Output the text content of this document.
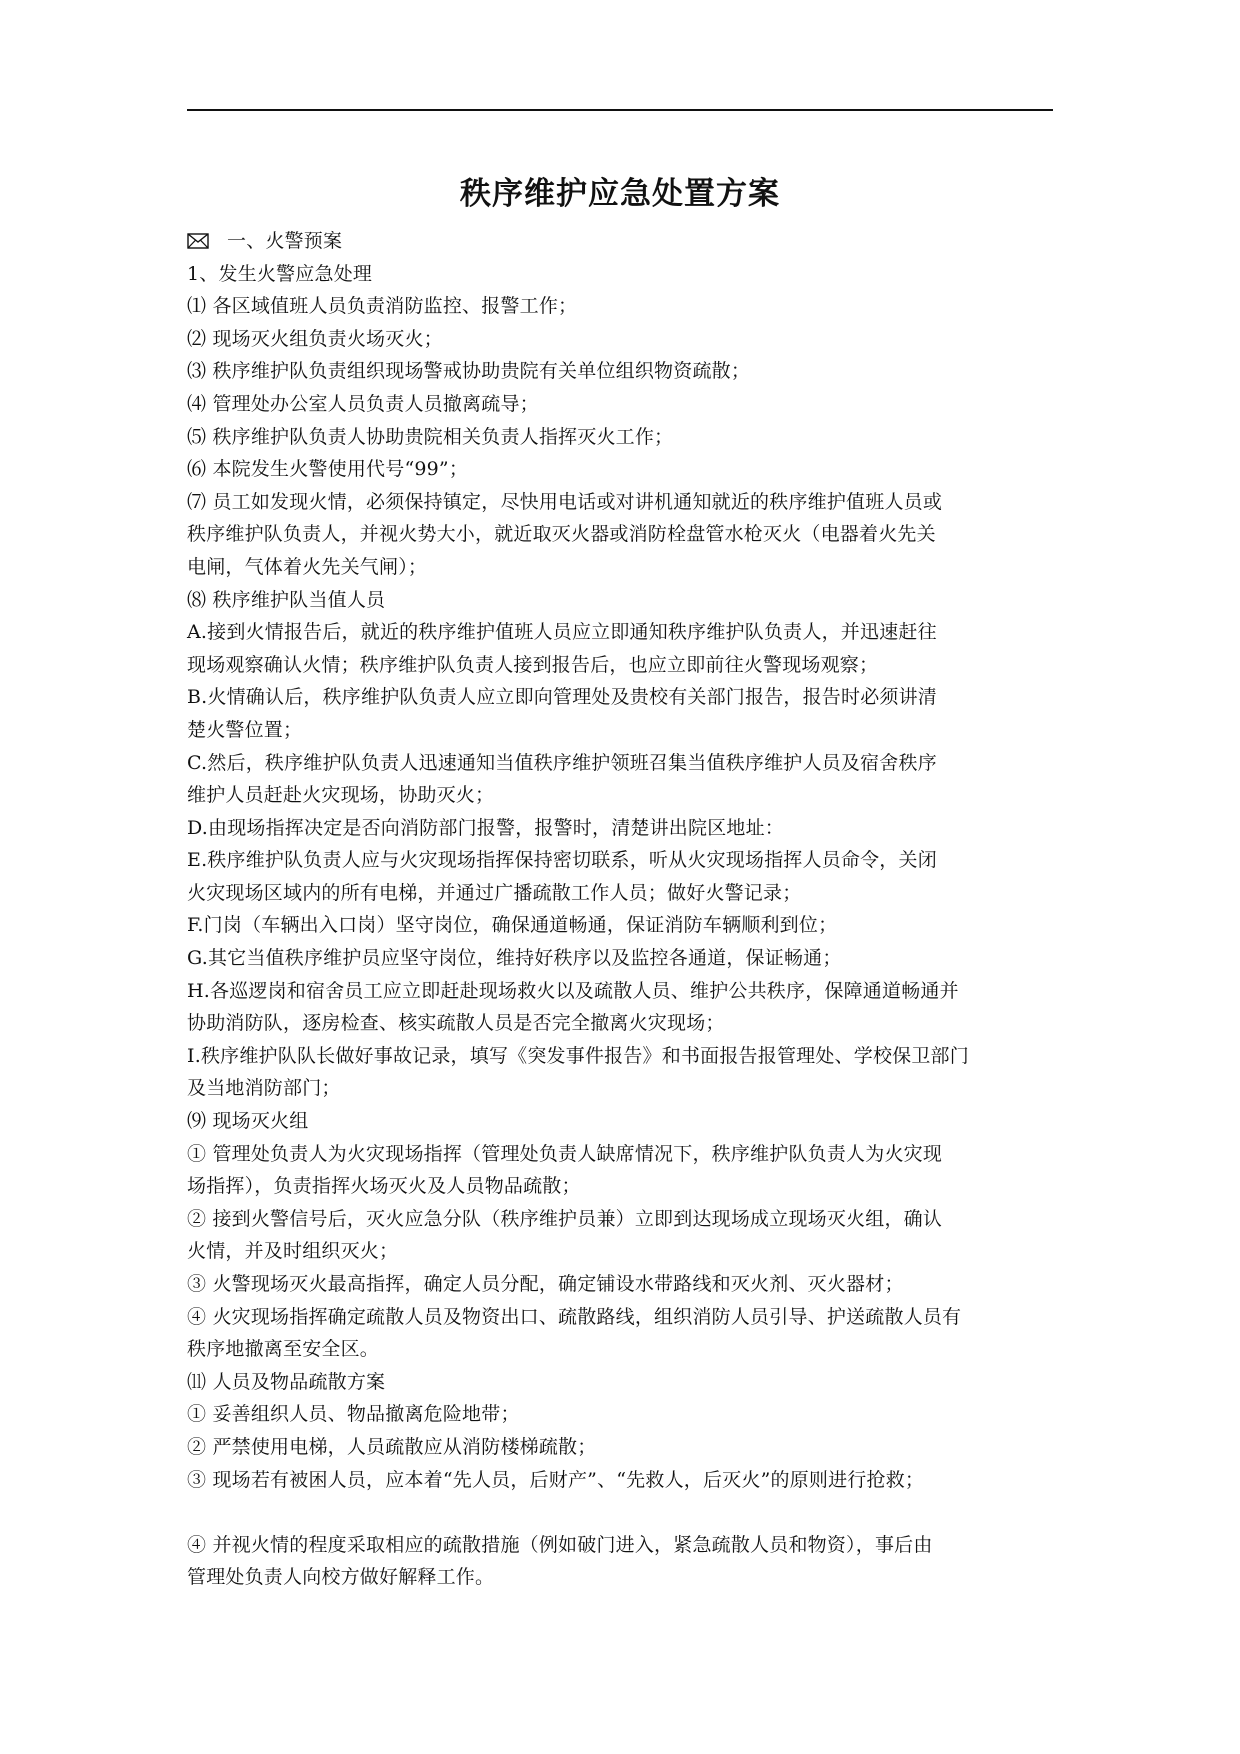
秩序维护应急处置方案
一、火警预案
1、发生火警应急处理
⑴ 各区域值班人员负责消防监控、报警工作；
⑵ 现场灭火组负责火场灭火；
⑶ 秩序维护队负责组织现场警戒协助贵院有关单位组织物资疏散；
⑷ 管理处办公室人员负责人员撤离疏导；
⑸ 秩序维护队负责人协助贵院相关负责人指挥灭火工作；
⑹ 本院发生火警使用代号“99”；
⑺ 员工如发现火情，必须保持镇定，尽快用电话或对讲机通知就近的秩序维护值班人员或
秩序维护队负责人，并视火势大小，就近取灭火器或消防栓盘管水枪灭火（电器着火先关
电闸，气体着火先关气闸）；
⑻ 秩序维护队当值人员
A.接到火情报告后，就近的秩序维护值班人员应立即通知秩序维护队负责人，并迅速赶往
现场观察确认火情；秩序维护队负责人接到报告后，也应立即前往火警现场观察；
B.火情确认后，秩序维护队负责人应立即向管理处及贵校有关部门报告，报告时必须讲清
楚火警位置；
C.然后，秩序维护队负责人迅速通知当值秩序维护领班召集当值秩序维护人员及宿舍秩序
维护人员赶赴火灾现场，协助灭火；
D.由现场指挥决定是否向消防部门报警，报警时，清楚讲出院区地址：
E.秩序维护队负责人应与火灾现场指挥保持密切联系，听从火灾现场指挥人员命令，关闭
火灾现场区域内的所有电梯，并通过广播疏散工作人员；做好火警记录；
F.门岗（车辆出入口岗）坚守岗位，确保通道畅通，保证消防车辆顺利到位；
G.其它当值秩序维护员应坚守岗位，维持好秩序以及监控各通道，保证畅通；
H.各巡逻岗和宿舍员工应立即赶赴现场救火以及疏散人员、维护公共秩序，保障通道畅通并
协助消防队，逐房检查、核实疏散人员是否完全撤离火灾现场；
I.秩序维护队队长做好事故记录，填写《突发事件报告》和书面报告报管理处、学校保卫部门
及当地消防部门；
⑼ 现场灭火组
① 管理处负责人为火灾现场指挥（管理处负责人缺席情况下，秩序维护队负责人为火灾现
场指挥），负责指挥火场灭火及人员物品疏散；
② 接到火警信号后，灭火应急分队（秩序维护员兼）立即到达现场成立现场灭火组，确认
火情，并及时组织灭火；
③ 火警现场灭火最高指挥，确定人员分配，确定铺设水带路线和灭火剂、灭火器材；
④ 火灾现场指挥确定疏散人员及物资出口、疏散路线，组织消防人员引导、护送疏散人员有
秩序地撤离至安全区。
⑾ 人员及物品疏散方案
① 妥善组织人员、物品撤离危险地带；
② 严禁使用电梯，人员疏散应从消防楼梯疏散；
③ 现场若有被困人员，应本着“先人员，后财产”、“先救人，后灭火”的原则进行抢救；
④ 并视火情的程度采取相应的疏散措施（例如破门进入，紧急疏散人员和物资），事后由
管理处负责人向校方做好解释工作。
